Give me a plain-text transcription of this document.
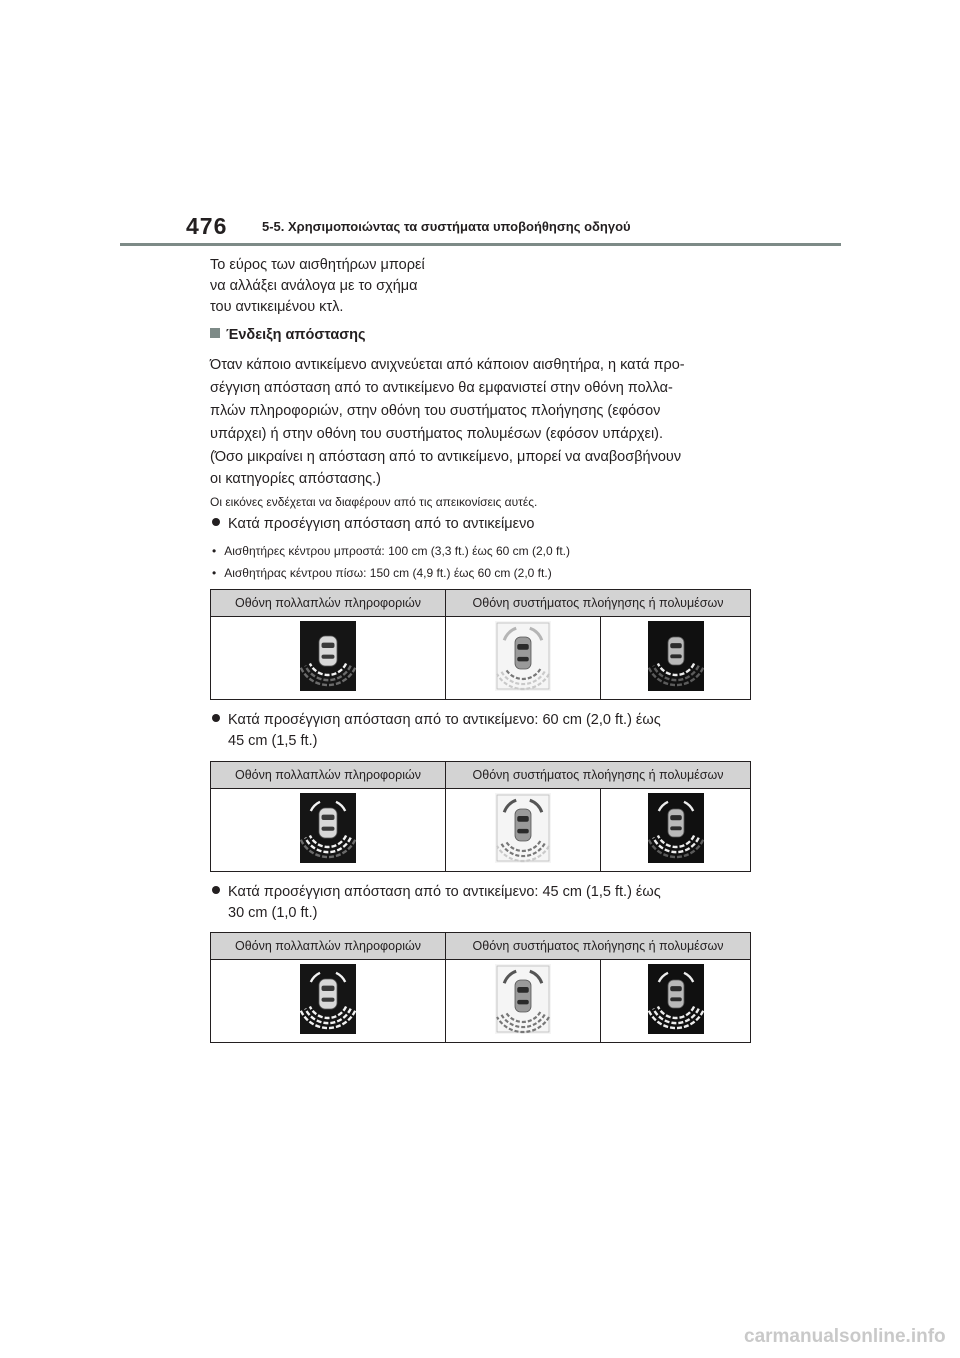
476	5-5. Χρησιμοποιώντας τα συστήματα υποβοήθησης οδηγού
Το εύρος των αισθητήρων μπορεί
να αλλάξει ανάλογα με το σχήμα
του αντικειμένου κτλ.
Ένδειξη απόστασης
Όταν κάποιο αντικείμενο ανιχνεύεται από κάποιον αισθητήρα, η κατά προ-
σέγγιση απόσταση από το αντικείμενο θα εμφανιστεί στην οθόνη πολλα-
πλών πληροφοριών, στην οθόνη του συστήματος πλοήγησης (εφόσον
υπάρχει) ή στην οθόνη του συστήματος πολυμέσων (εφόσον υπάρχει).
(Όσο μικραίνει η απόσταση από το αντικείμενο, μπορεί να αναβοσβήνουν
οι κατηγορίες απόστασης.)
Οι εικόνες ενδέχεται να διαφέρουν από τις απεικονίσεις αυτές.
Κατά προσέγγιση απόσταση από το αντικείμενο
• Αισθητήρες κέντρου μπροστά: 100 cm (3,3 ft.) έως 60 cm (2,0 ft.)
• Αισθητήρας κέντρου πίσω: 150 cm (4,9 ft.) έως 60 cm (2,0 ft.)
Οθόνη πολλαπλών πληροφοριών	Οθόνη συστήματος πλοήγησης ή πολυμέσων	

Κατά προσέγγιση απόσταση από το αντικείμενο: 60 cm (2,0 ft.) έως
45 cm (1,5 ft.)
Οθόνη πολλαπλών πληροφοριών	Οθόνη συστήματος πλοήγησης ή πολυμέσων	

Κατά προσέγγιση απόσταση από το αντικείμενο: 45 cm (1,5 ft.) έως
30 cm (1,0 ft.)
Οθόνη πολλαπλών πληροφοριών	Οθόνη συστήματος πλοήγησης ή πολυμέσων	

carmanualsonline.info
